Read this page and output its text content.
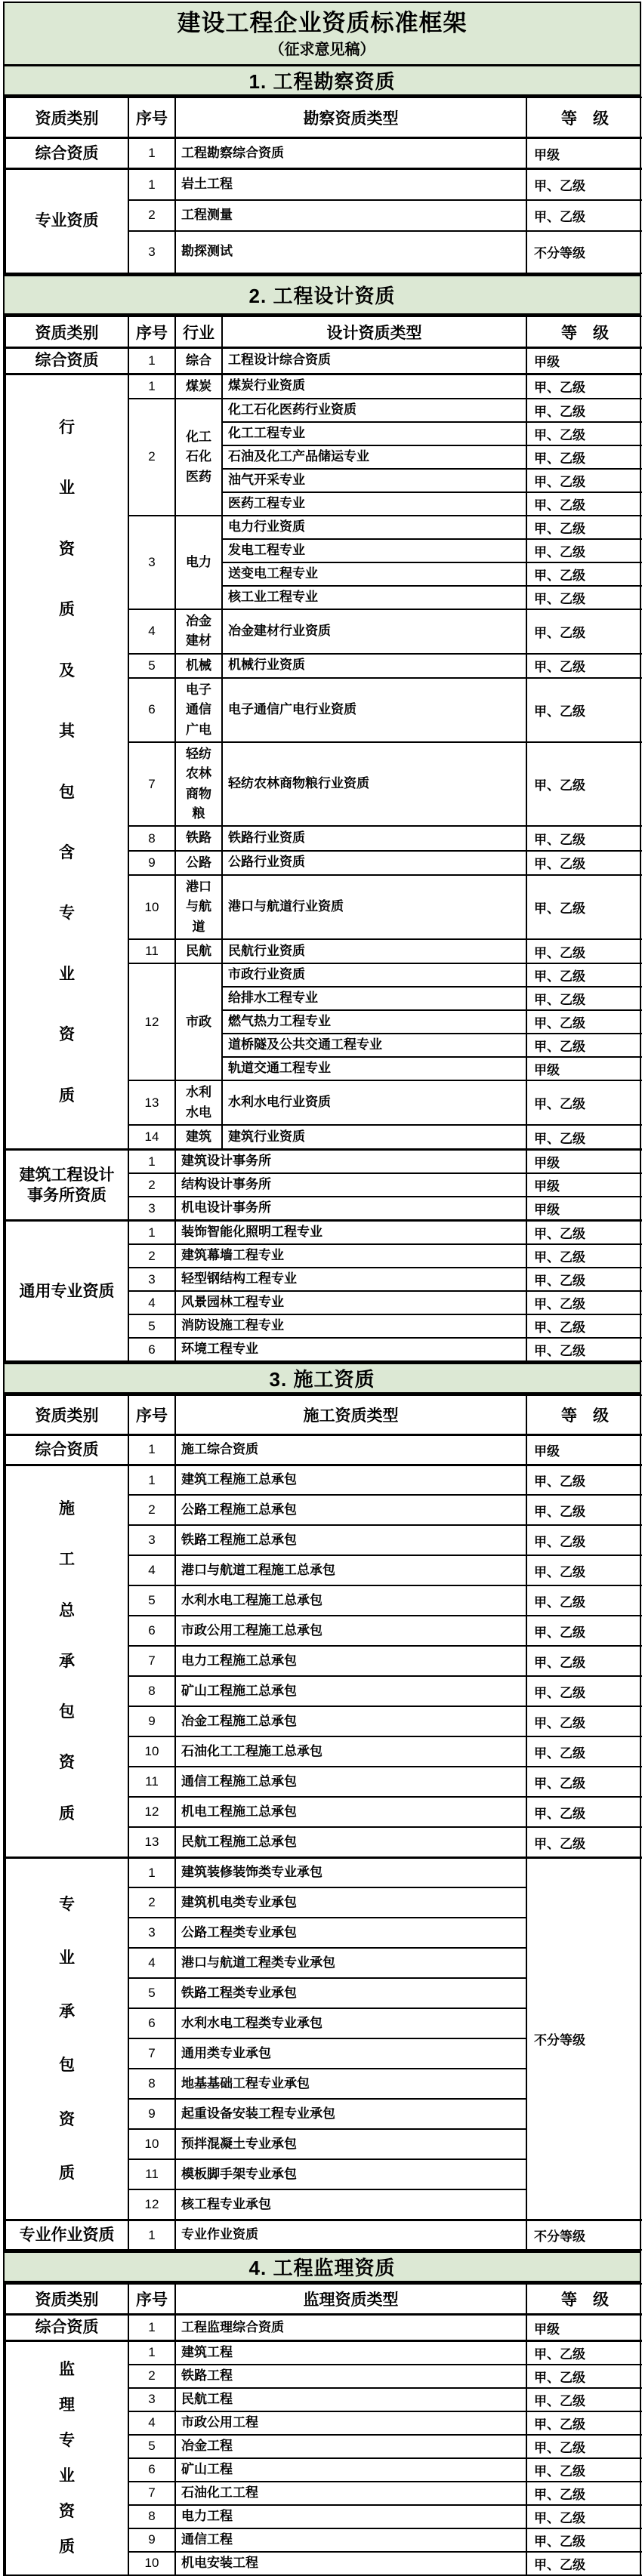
建设工程企业资质标准框架
（征求意见稿）
1. 工程勘察资质
资质类别	序号	勘察资质类型	等　级
综合资质	1	工程勘察综合资质	甲级
专业资质	1	岩土工程	甲、乙级
	2	工程测量	甲、乙级
	3	勘探测试	不分等级
2. 工程设计资质
资质类别	序号	行业	设计资质类型	等　级
综合资质	1	综合	工程设计综合资质	甲级

行
业
资
质
及
其
包
含
专
业
资
质
	1	煤炭	煤炭行业资质	甲、乙级
	2	化工石化医药	化工石化医药行业资质	甲、乙级
			化工工程专业	甲、乙级
			石油及化工产品储运专业	甲、乙级
			油气开采专业	甲、乙级
			医药工程专业	甲、乙级
	3	电力	电力行业资质	甲、乙级
			发电工程专业	甲、乙级
			送变电工程专业	甲、乙级
			核工业工程专业	甲、乙级
	4	冶金建材	冶金建材行业资质	甲、乙级
	5	机械	机械行业资质	甲、乙级
	6	电子通信广电	电子通信广电行业资质	甲、乙级
	7	轻纺农林商物粮	轻纺农林商物粮行业资质	甲、乙级
	8	铁路	铁路行业资质	甲、乙级
	9	公路	公路行业资质	甲、乙级
	10	港口与航道	港口与航道行业资质	甲、乙级
	11	民航	民航行业资质	甲、乙级
	12	市政	市政行业资质	甲、乙级
			给排水工程专业	甲、乙级
			燃气热力工程专业	甲、乙级
			道桥隧及公共交通工程专业	甲、乙级
			轨道交通工程专业	甲级
	13	水利水电	水利水电行业资质	甲、乙级
	14	建筑	建筑行业资质	甲、乙级
建筑工程设计事务所资质	1	建筑设计事务所		甲级
	2	结构设计事务所		甲级
	3	机电设计事务所		甲级
通用专业资质	1	装饰智能化照明工程专业		甲、乙级
	2	建筑幕墙工程专业		甲、乙级
	3	轻型钢结构工程专业		甲、乙级
	4	风景园林工程专业		甲、乙级
	5	消防设施工程专业		甲、乙级
	6	环境工程专业		甲、乙级
3. 施工资质
资质类别	序号	施工资质类型	等　级
综合资质	1	施工综合资质	甲级

施
工
总
承
包
资
质
	1	建筑工程施工总承包	甲、乙级
	2	公路工程施工总承包	甲、乙级
	3	铁路工程施工总承包	甲、乙级
	4	港口与航道工程施工总承包	甲、乙级
	5	水利水电工程施工总承包	甲、乙级
	6	市政公用工程施工总承包	甲、乙级
	7	电力工程施工总承包	甲、乙级
	8	矿山工程施工总承包	甲、乙级
	9	冶金工程施工总承包	甲、乙级
	10	石油化工工程施工总承包	甲、乙级
	11	通信工程施工总承包	甲、乙级
	12	机电工程施工总承包	甲、乙级
	13	民航工程施工总承包	甲、乙级

专
业
承
包
资
质
	1	建筑装修装饰类专业承包	不分等级
	2	建筑机电类专业承包	
	3	公路工程类专业承包	
	4	港口与航道工程类专业承包	
	5	铁路工程类专业承包	
	6	水利水电工程类专业承包	
	7	通用类专业承包	
	8	地基基础工程专业承包	
	9	起重设备安装工程专业承包	
	10	预拌混凝土专业承包	
	11	模板脚手架专业承包	
	12	核工程专业承包	
专业作业资质	1	专业作业资质	不分等级
4. 工程监理资质
资质类别	序号	监理资质类型	等　级
综合资质	1	工程监理综合资质	甲级

监
理
专
业
资
质
	1	建筑工程	甲、乙级
	2	铁路工程	甲、乙级
	3	民航工程	甲、乙级
	4	市政公用工程	甲、乙级
	5	冶金工程	甲、乙级
	6	矿山工程	甲、乙级
	7	石油化工工程	甲、乙级
	8	电力工程	甲、乙级
	9	通信工程	甲、乙级
	10	机电安装工程	甲、乙级
